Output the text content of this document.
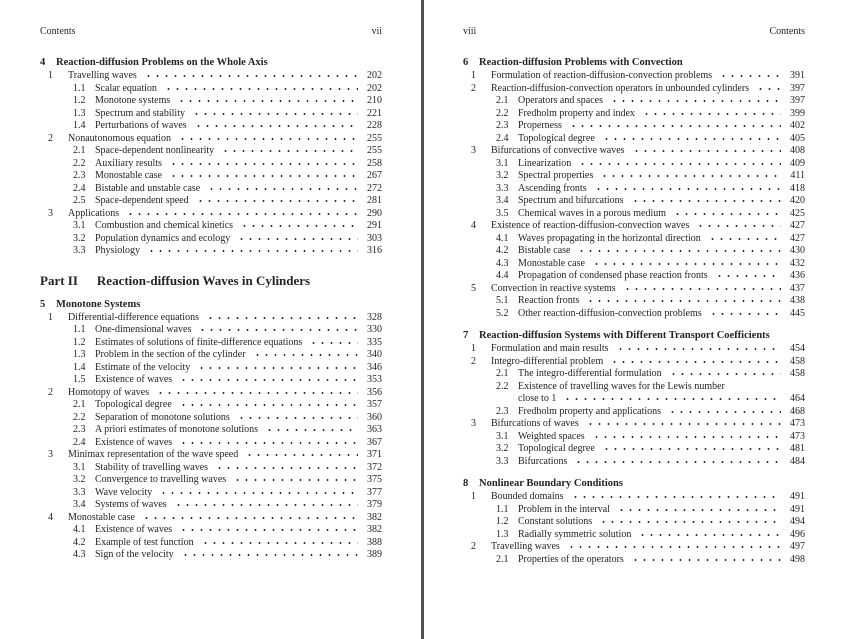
Contents	vii
4	Reaction-diffusion Problems on the Whole Axis
1	Travelling waves	202
1.1 Scalar equation	202
1.2 Monotone systems	210
1.3 Spectrum and stability	221
1.4 Perturbations of waves	228
2	Nonautonomous equation	255
2.1 Space-dependent nonlinearity	255
2.2 Auxiliary results	258
2.3 Monostable case	267
2.4 Bistable and unstable case	272
2.5 Space-dependent speed	281
3	Applications	290
3.1 Combustion and chemical kinetics	291
3.2 Population dynamics and ecology	303
3.3 Physiology	316
Part II Reaction-diffusion Waves in Cylinders
5	Monotone Systems
1	Differential-difference equations	328
1.1 One-dimensional waves	330
1.2 Estimates of solutions of finite-difference equations	335
1.3 Problem in the section of the cylinder	340
1.4 Estimate of the velocity	346
1.5 Existence of waves	353
2	Homotopy of waves	356
2.1 Topological degree	357
2.2 Separation of monotone solutions	360
2.3 A priori estimates of monotone solutions	363
2.4 Existence of waves	367
3	Minimax representation of the wave speed	371
3.1 Stability of travelling waves	372
3.2 Convergence to travelling waves	375
3.3 Wave velocity	377
3.4 Systems of waves	379
4	Monostable case	382
4.1 Existence of waves	382
4.2 Example of test function	388
4.3 Sign of the velocity	389
viii	Contents
6	Reaction-diffusion Problems with Convection
1	Formulation of reaction-diffusion-convection problems	391
2	Reaction-diffusion-convection operators in unbounded cylinders	397
2.1 Operators and spaces	397
2.2 Fredholm property and index	399
2.3 Properness	402
2.4 Topological degree	405
3	Bifurcations of convective waves	408
3.1 Linearization	409
3.2 Spectral properties	411
3.3 Ascending fronts	418
3.4 Spectrum and bifurcations	420
3.5 Chemical waves in a porous medium	425
4	Existence of reaction-diffusion-convection waves	427
4.1 Waves propagating in the horizontal direction	427
4.2 Bistable case	430
4.3 Monostable case	432
4.4 Propagation of condensed phase reaction fronts	436
5	Convection in reactive systems	437
5.1 Reaction fronts	438
5.2 Other reaction-diffusion-convection problems	445
7	Reaction-diffusion Systems with Different Transport Coefficients
1	Formulation and main results	454
2	Integro-differential problem	458
2.1 The integro-differential formulation	458
2.2 Existence of travelling waves for the Lewis number
close to 1	464
2.3 Fredholm property and applications	468
3	Bifurcations of waves	473
3.1 Weighted spaces	473
3.2 Topological degree	481
3.3 Bifurcations	484
8	Nonlinear Boundary Conditions
1	Bounded domains	491
1.1 Problem in the interval	491
1.2 Constant solutions	494
1.3 Radially symmetric solution	496
2	Travelling waves	497
2.1 Properties of the operators	498
